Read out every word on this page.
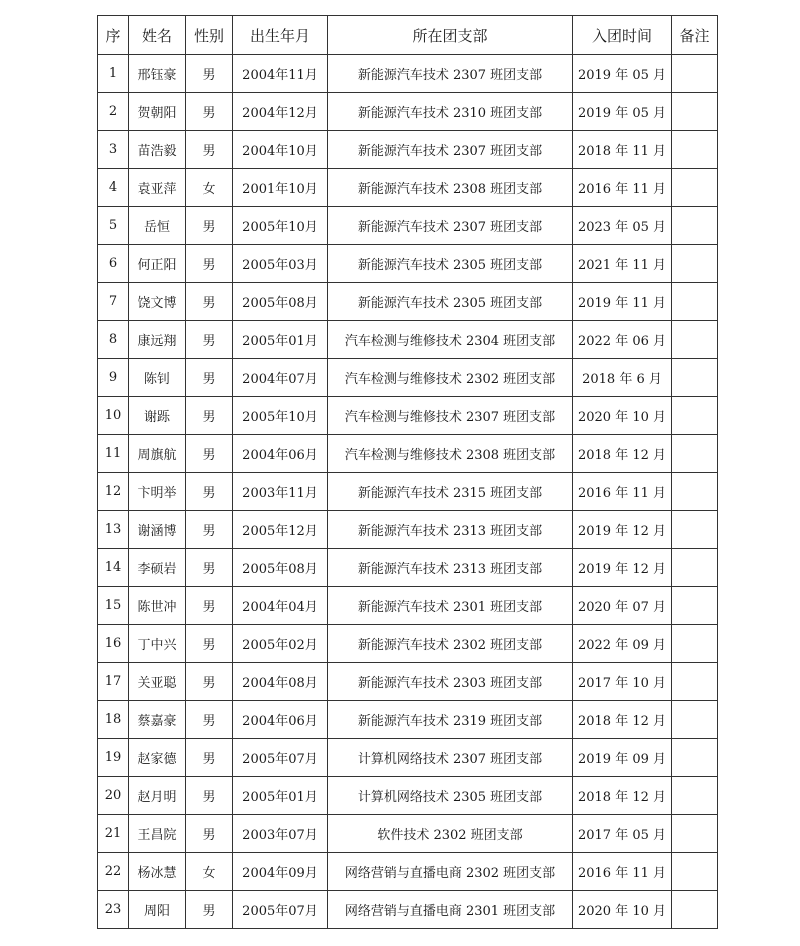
序	姓名	性别	出生年月	所在团支部	入团时间	备注
1	邢钰豪	男	2004年11月	新能源汽车技术 2307 班团支部	2019 年 05 月	
2	贺朝阳	男	2004年12月	新能源汽车技术 2310 班团支部	2019 年 05 月	
3	苗浩毅	男	2004年10月	新能源汽车技术 2307 班团支部	2018 年 11 月	
4	袁亚萍	女	2001年10月	新能源汽车技术 2308 班团支部	2016 年 11 月	
5	岳恒	男	2005年10月	新能源汽车技术 2307 班团支部	2023 年 05 月	
6	何正阳	男	2005年03月	新能源汽车技术 2305 班团支部	2021 年 11 月	
7	饶文博	男	2005年08月	新能源汽车技术 2305 班团支部	2019 年 11 月	
8	康远翔	男	2005年01月	汽车检测与维修技术 2304 班团支部	2022 年 06 月	
9	陈钊	男	2004年07月	汽车检测与维修技术 2302 班团支部	2018 年 6 月	
10	谢跞	男	2005年10月	汽车检测与维修技术 2307 班团支部	2020 年 10 月	
11	周旗航	男	2004年06月	汽车检测与维修技术 2308 班团支部	2018 年 12 月	
12	卞明举	男	2003年11月	新能源汽车技术 2315 班团支部	2016 年 11 月	
13	谢涵博	男	2005年12月	新能源汽车技术 2313 班团支部	2019 年 12 月	
14	李硕岩	男	2005年08月	新能源汽车技术 2313 班团支部	2019 年 12 月	
15	陈世冲	男	2004年04月	新能源汽车技术 2301 班团支部	2020 年 07 月	
16	丁中兴	男	2005年02月	新能源汽车技术 2302 班团支部	2022 年 09 月	
17	关亚聪	男	2004年08月	新能源汽车技术 2303 班团支部	2017 年 10 月	
18	蔡嘉豪	男	2004年06月	新能源汽车技术 2319 班团支部	2018 年 12 月	
19	赵家德	男	2005年07月	计算机网络技术 2307 班团支部	2019 年 09 月	
20	赵月明	男	2005年01月	计算机网络技术 2305 班团支部	2018 年 12 月	
21	王昌院	男	2003年07月	软件技术 2302 班团支部	2017 年 05 月	
22	杨冰慧	女	2004年09月	网络营销与直播电商 2302 班团支部	2016 年 11 月	
23	周阳	男	2005年07月	网络营销与直播电商 2301 班团支部	2020 年 10 月	
